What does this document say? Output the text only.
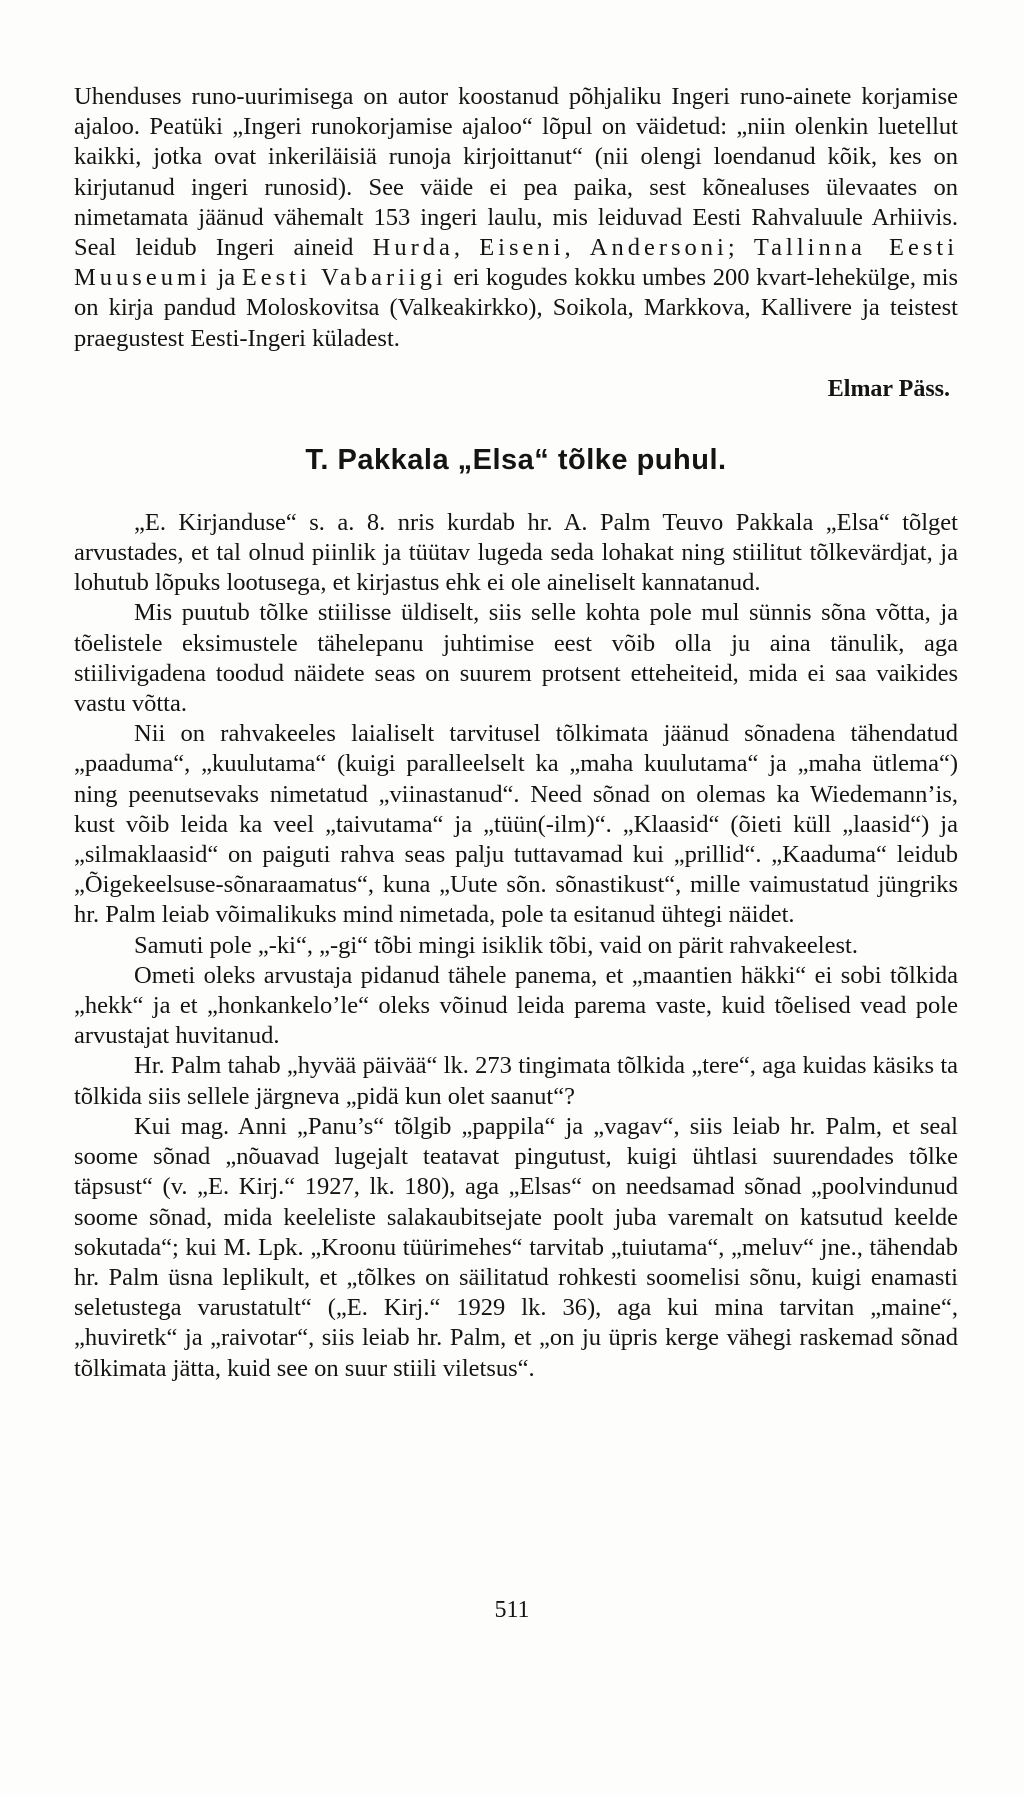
Uhenduses runo-uurimisega on autor koostanud põhjaliku Ingeri runo-ainete korjamise ajaloo. Peatüki „Ingeri runokorjamise ajaloo“ lõpul on väidetud: „niin olenkin luetellut kaikki, jotka ovat inkeriläisiä runoja kirjoittanut“ (nii olengi loendanud kõik, kes on kirjutanud ingeri runosid). See väide ei pea paika, sest kõnealuses ülevaates on nimetamata jäänud vähemalt 153 ingeri laulu, mis leiduvad Eesti Rahvaluule Arhiivis. Seal leidub Ingeri aineid Hurda, Eiseni, Andersoni; Tallinna Eesti Muuseumi ja Eesti Vabariigi eri kogudes kokku umbes 200 kvart-lehekülge, mis on kirja pandud Moloskovitsa (Valkeakirkko), Soikola, Markkova, Kallivere ja teistest praegustest Eesti-Ingeri küladest.

Elmar Päss.
T. Pakkala „Elsa“ tõlke puhul.

„E. Kirjanduse“ s. a. 8. nris kurdab hr. A. Palm Teuvo Pakkala „Elsa“ tõlget arvustades, et tal olnud piinlik ja tüütav lugeda seda lohakat ning stiilitut tõlkevärdjat, ja lohutub lõpuks lootusega, et kirjastus ehk ei ole aineliselt kannatanud.

Mis puutub tõlke stiilisse üldiselt, siis selle kohta pole mul sünnis sõna võtta, ja tõelistele eksimustele tähelepanu juhtimise eest võib olla ju aina tänulik, aga stiilivigadena toodud näidete seas on suurem protsent etteheiteid, mida ei saa vaikides vastu võtta.

Nii on rahvakeeles laialiselt tarvitusel tõlkimata jäänud sõnadena tähendatud „paaduma“, „kuulutama“ (kuigi paralleelselt ka „maha kuulutama“ ja „maha ütlema“) ning peenutsevaks nimetatud „viinastanud“. Need sõnad on olemas ka Wiedemann’is, kust võib leida ka veel „taivutama“ ja „tüün(-ilm)“. „Klaasid“ (õieti küll „laasid“) ja „silmaklaasid“ on paiguti rahva seas palju tuttavamad kui „prillid“. „Kaaduma“ leidub „Õigekeelsuse-sõnaraamatus“, kuna „Uute sõn. sõnastikust“, mille vaimustatud jüngriks hr. Palm leiab võimalikuks mind nimetada, pole ta esitanud ühtegi näidet.

Samuti pole „-ki“, „-gi“ tõbi mingi isiklik tõbi, vaid on pärit rahvakeelest.

Ometi oleks arvustaja pidanud tähele panema, et „maantien häkki“ ei sobi tõlkida „hekk“ ja et „honkankelo’le“ oleks võinud leida parema vaste, kuid tõelised vead pole arvustajat huvitanud.

Hr. Palm tahab „hyvää päivää“ lk. 273 tingimata tõlkida „tere“, aga kuidas käsiks ta tõlkida siis sellele järgneva „pidä kun olet saanut“?

Kui mag. Anni „Panu’s“ tõlgib „pappila“ ja „vagav“, siis leiab hr. Palm, et seal soome sõnad „nõuavad lugejalt teatavat pingutust, kuigi ühtlasi suurendades tõlke täpsust“ (v. „E. Kirj.“ 1927, lk. 180), aga „Elsas“ on needsamad sõnad „poolvindunud soome sõnad, mida keeleliste salakaubitsejate poolt juba varemalt on katsutud keelde sokutada“; kui M. Lpk. „Kroonu tüürimehes“ tarvitab „tuiutama“, „meluv“ jne., tähendab hr. Palm üsna leplikult, et „tõlkes on säilitatud rohkesti soomelisi sõnu, kuigi enamasti seletustega varustatult“ („E. Kirj.“ 1929 lk. 36), aga kui mina tarvitan „maine“, „huviretk“ ja „raivotar“, siis leiab hr. Palm, et „on ju üpris kerge vähegi raskemad sõnad tõlkimata jätta, kuid see on suur stiili viletsus“.

511
